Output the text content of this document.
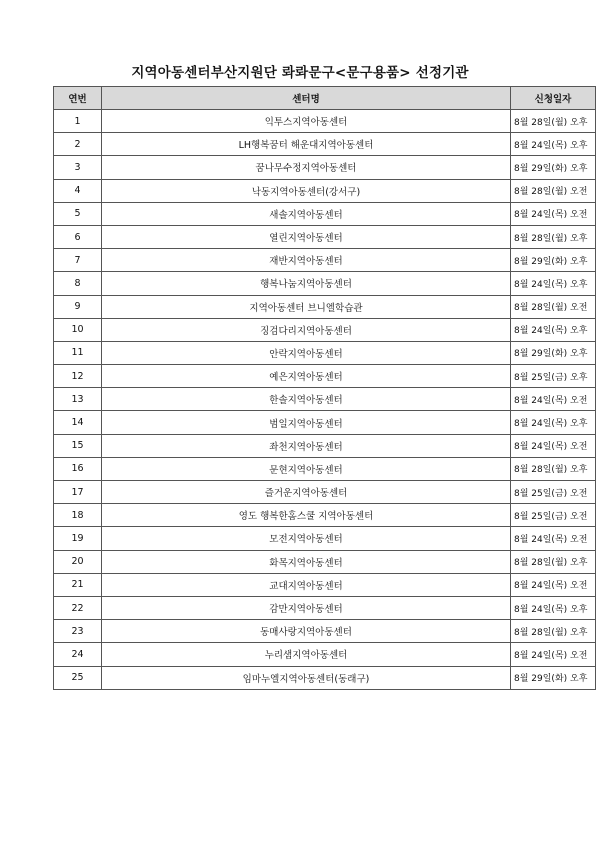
지역아동센터부산지원단 롸롸문구<문구용품> 선정기관
연번	센터명	신청일자
1	익투스지역아동센터	8월 28일(월) 오후
2	LH행복꿈터 해운대지역아동센터	8월 24일(목) 오후
3	꿈나무수정지역아동센터	8월 29일(화) 오후
4	낙동지역아동센터(강서구)	8월 28일(월) 오전
5	새솔지역아동센터	8월 24일(목) 오전
6	열린지역아동센터	8월 28일(월) 오후
7	재반지역아동센터	8월 29일(화) 오후
8	행복나눔지역아동센터	8월 24일(목) 오후
9	지역아동센터 브니엘학습관	8월 28일(월) 오전
10	징검다리지역아동센터	8월 24일(목) 오후
11	안락지역아동센터	8월 29일(화) 오후
12	예은지역아동센터	8월 25일(금) 오후
13	한솔지역아동센터	8월 24일(목) 오전
14	범일지역아동센터	8월 24일(목) 오후
15	좌천지역아동센터	8월 24일(목) 오전
16	문현지역아동센터	8월 28일(월) 오후
17	즐거운지역아동센터	8월 25일(금) 오전
18	영도 행복한홈스쿨 지역아동센터	8월 25일(금) 오전
19	모전지역아동센터	8월 24일(목) 오전
20	화목지역아동센터	8월 28일(월) 오후
21	교대지역아동센터	8월 24일(목) 오전
22	감만지역아동센터	8월 24일(목) 오후
23	동매사랑지역아동센터	8월 28일(월) 오후
24	누리샘지역아동센터	8월 24일(목) 오전
25	임마누엘지역아동센터(동래구)	8월 29일(화) 오후
